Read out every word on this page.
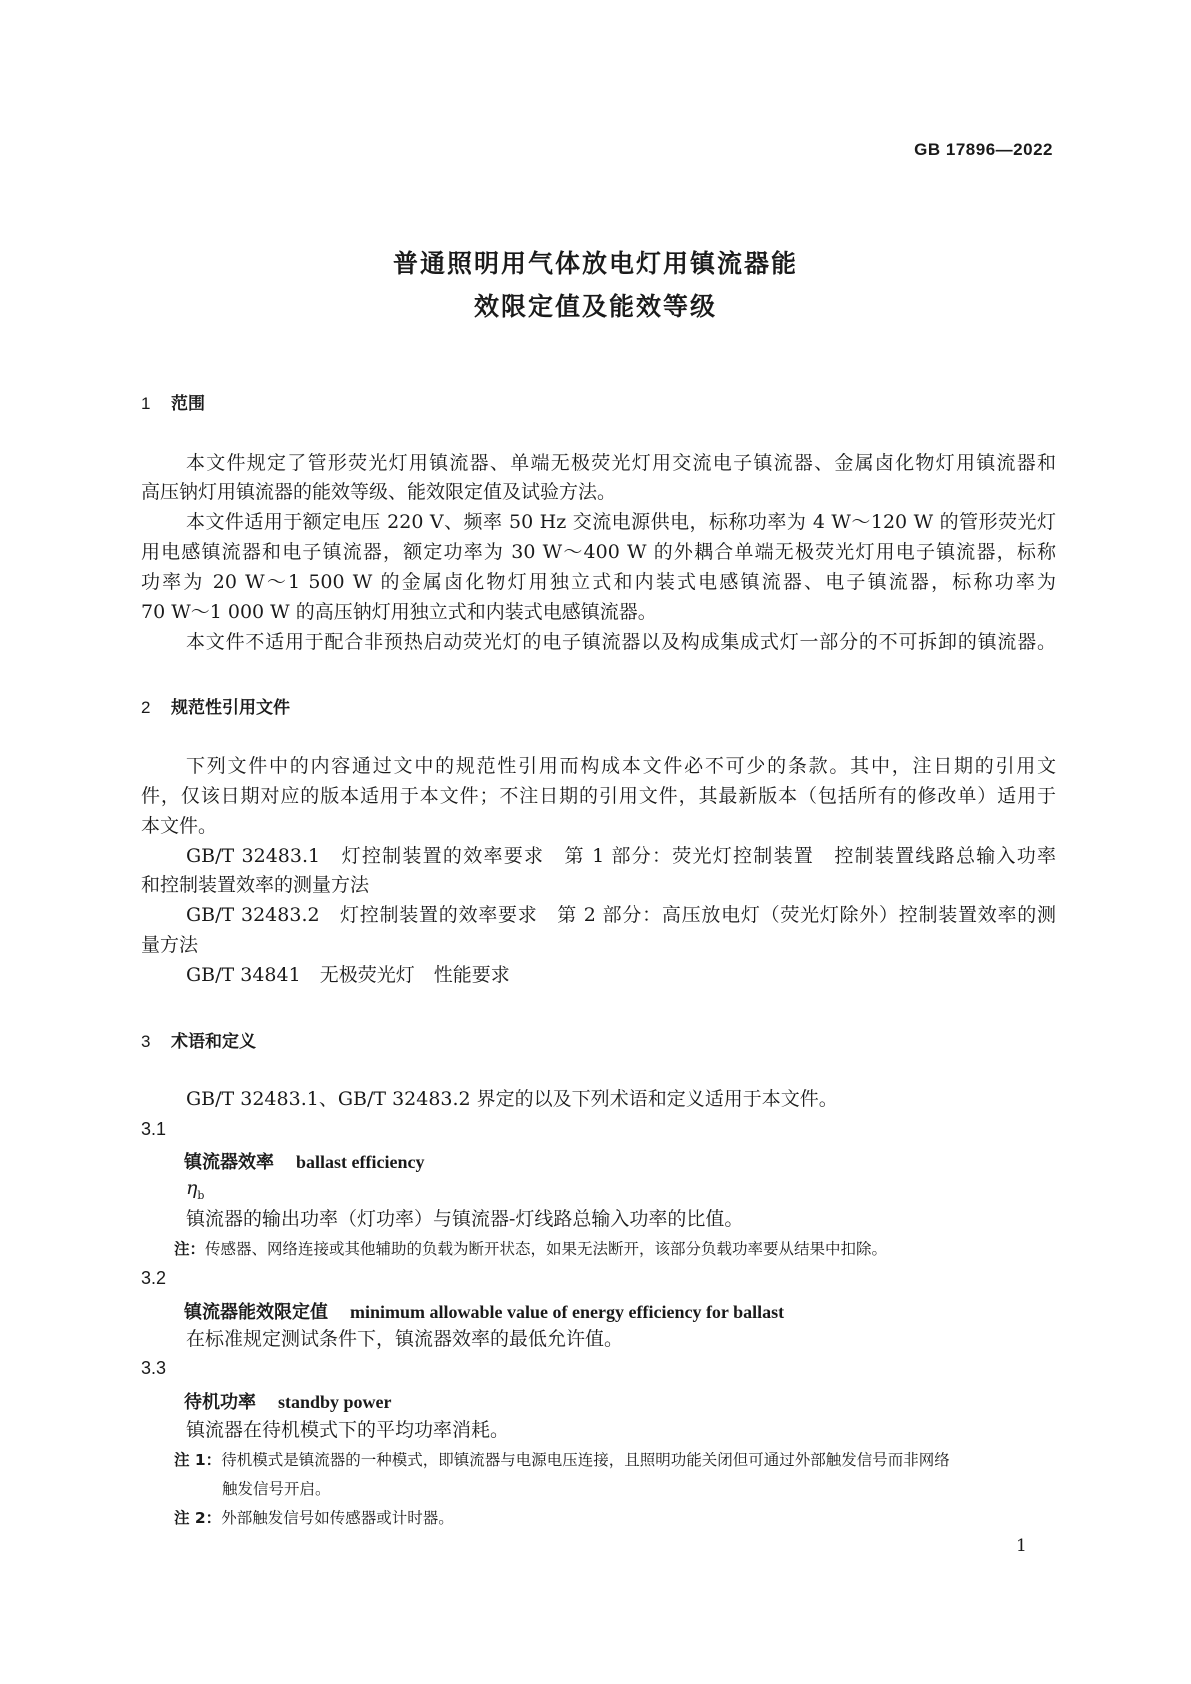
GB 17896—2022
普通照明用气体放电灯用镇流器能
效限定值及能效等级
1 范围
本文件规定了管形荧光灯用镇流器、单端无极荧光灯用交流电子镇流器、金属卤化物灯用镇流器和
高压钠灯用镇流器的能效等级、能效限定值及试验方法。
本文件适用于额定电压 220 V、频率 50 Hz 交流电源供电，标称功率为 4 W～120 W 的管形荧光灯
用电感镇流器和电子镇流器，额定功率为 30 W～400 W 的外耦合单端无极荧光灯用电子镇流器，标称
功率为 20 W～1 500 W 的金属卤化物灯用独立式和内装式电感镇流器、电子镇流器，标称功率为
70 W～1 000 W 的高压钠灯用独立式和内装式电感镇流器。
本文件不适用于配合非预热启动荧光灯的电子镇流器以及构成集成式灯一部分的不可拆卸的镇流器。
2 规范性引用文件
下列文件中的内容通过文中的规范性引用而构成本文件必不可少的条款。其中，注日期的引用文
件，仅该日期对应的版本适用于本文件；不注日期的引用文件，其最新版本（包括所有的修改单）适用于
本文件。
GB/T 32483.1　灯控制装置的效率要求　第 1 部分：荧光灯控制装置　控制装置线路总输入功率
和控制装置效率的测量方法
GB/T 32483.2　灯控制装置的效率要求　第 2 部分：高压放电灯（荧光灯除外）控制装置效率的测
量方法
GB/T 34841　无极荧光灯　性能要求
3 术语和定义
GB/T 32483.1、GB/T 32483.2 界定的以及下列术语和定义适用于本文件。
3.1
镇流器效率 ballast efficiency
$\eta_b$
镇流器的输出功率（灯功率）与镇流器-灯线路总输入功率的比值。
注：传感器、网络连接或其他辅助的负载为断开状态，如果无法断开，该部分负载功率要从结果中扣除。
3.2
镇流器能效限定值 minimum allowable value of energy efficiency for ballast
在标准规定测试条件下，镇流器效率的最低允许值。
3.3
待机功率 standby power
镇流器在待机模式下的平均功率消耗。
注 1：待机模式是镇流器的一种模式，即镇流器与电源电压连接，且照明功能关闭但可通过外部触发信号而非网络
触发信号开启。
注 2：外部触发信号如传感器或计时器。
1
